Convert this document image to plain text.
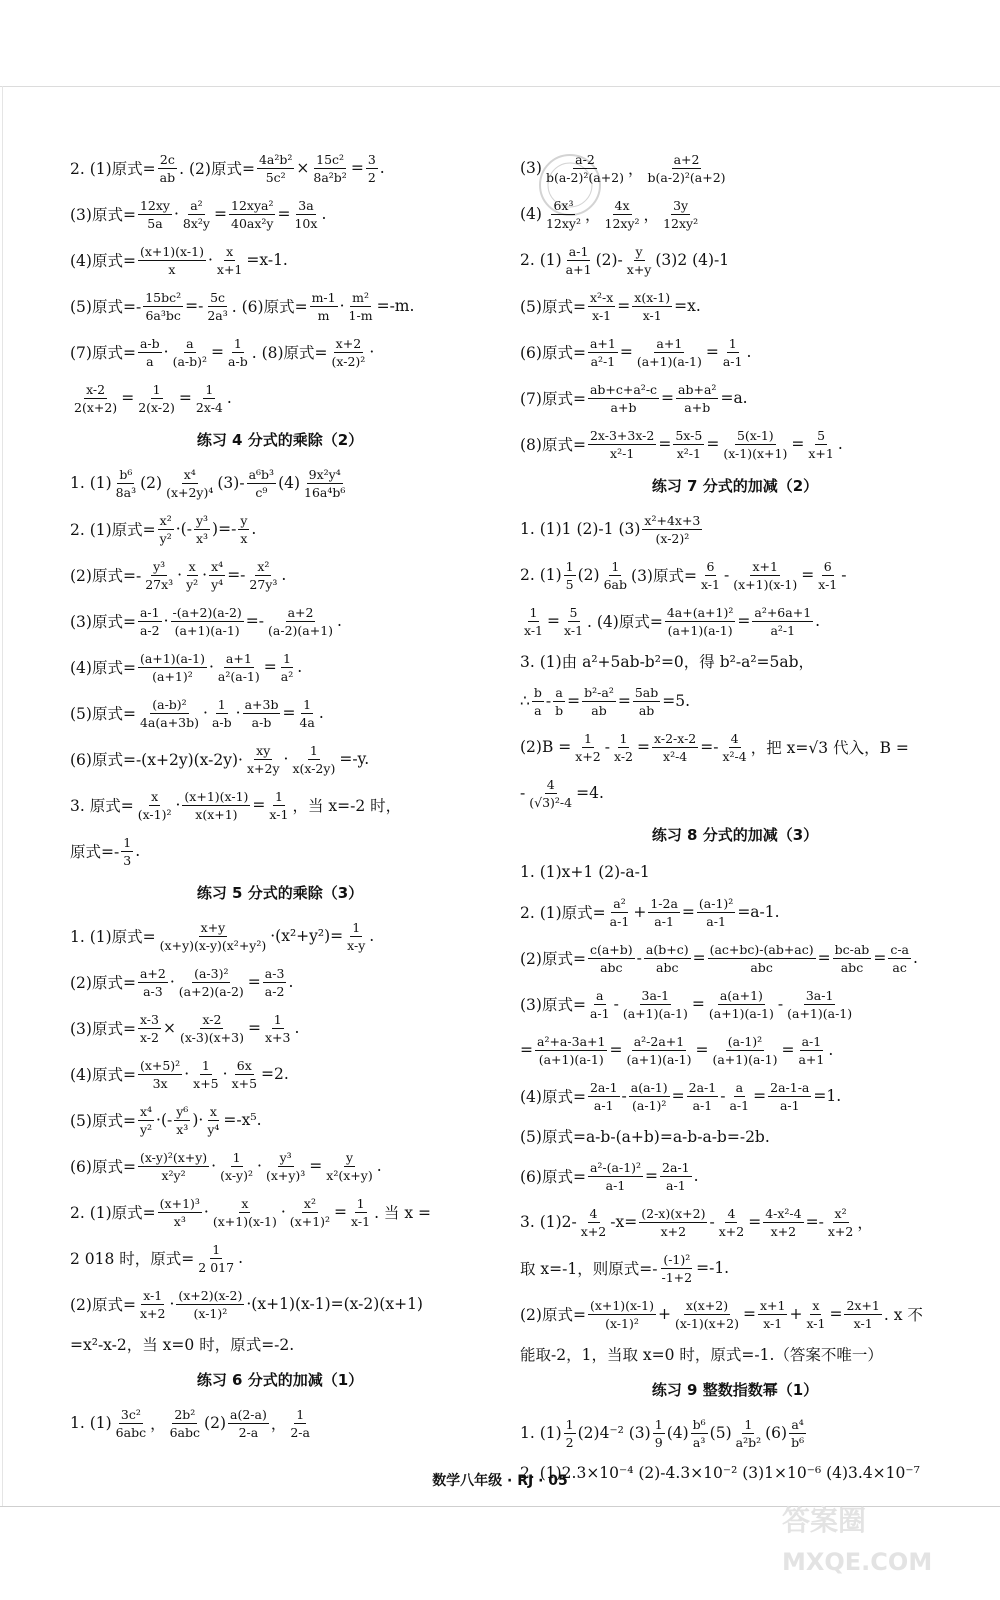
2. (1)原式= $\frac{2c}{ab}$ . (2)原式= $\frac{\text{4a²b²}}{\text{5c²}} \times \frac{\text{15c²}}{\text{8a²b²}} = \frac{3}{2}$ .
(3)原式= $\frac{12xy}{5a} \cdot \frac{\text{a²}}{\text{8x²y}} = \frac{\text{12xya²}}{\text{40ax²y}} = \frac{3a}{10x}$ .
(4)原式= $\frac{(x+1)(x-1)}{x} \cdot \frac{x}{x+1} =x-1$.
(5)原式=- $\frac{\text{15bc²}}{\text{6a³bc}} =- \frac{5c}{\text{2a³}}$ . (6)原式= $\frac{m-1}{m} \cdot \frac{\text{m²}}{1-m} =-m$.
(7)原式= $\frac{a-b}{a} \cdot \frac{a}{\text{(a-b)²}} = \frac{1}{a-b}$ . (8)原式= $\frac{x+2}{\text{(x-2)²}}$ ·
$\frac{x-2}{2(x+2)} = \frac{1}{2(x-2)} = \frac{1}{2x-4}$ .
练习 4 分式的乘除（2）
1. $(1) \frac{\text{b⁶}}{\text{8a³}} (2) \frac{\text{x⁴}}{\text{(x+2y)⁴}} (3)- \frac{\text{a⁶b³}}{\text{c⁹}} (4) \frac{\text{9x²y⁴}}{\text{16a⁴b⁶}}$
2. (1)原式= $\frac{\text{x²}}{\text{y²}}$ ·(- $\frac{\text{y³}}{\text{x³}}$ )=- $\frac{y}{x}$ .
(2)原式=- $\frac{\text{y³}}{\text{27x³}} \cdot \frac{x}{\text{y²}} \cdot \frac{\text{x⁴}}{\text{y⁴}} =- \frac{\text{x²}}{\text{27y³}}$ .
(3)原式= $\frac{a-1}{a-2} \cdot \frac{-(a+2)(a-2)}{(a+1)(a-1)} =- \frac{a+2}{(a-2)(a+1)}$ .
(4)原式= $\frac{(a+1)(a-1)}{\text{(a+1)²}} \cdot \frac{a+1}{\text{a²(a-1)}} = \frac{1}{\text{a²}}$ .
(5)原式= $\frac{\text{(a-b)²}}{4a(a+3b)} \cdot \frac{1}{a-b} \cdot \frac{a+3b}{a-b} = \frac{1}{4a}$ .
(6)原式$=-(x+2y)(x-2y)\cdot \frac{xy}{x+2y} \cdot \frac{1}{x(x-2y)} =-y$.
3. 原式= $\frac{x}{\text{(x-1)²}} \cdot \frac{(x+1)(x-1)}{x(x+1)} = \frac{1}{x-1}$ ，当 x=-2 时，
原式=- $\frac{1}{3}$ .
练习 5 分式的乘除（3）
1. (1)原式= $\frac{x+y}{\text{(x+y)(x-y)(x²+y²)}} \cdot(x^2+y^2)= \frac{1}{x-y}$ .
(2)原式= $\frac{a+2}{a-3} \cdot \frac{\text{(a-3)²}}{(a+2)(a-2)} = \frac{a-3}{a-2}$ .
(3)原式= $\frac{x-3}{x-2} \times \frac{x-2}{(x-3)(x+3)} = \frac{1}{x+3}$ .
(4)原式= $\frac{\text{(x+5)²}}{3x} \cdot \frac{1}{x+5} \cdot \frac{6x}{x+5} =2$.
(5)原式= $\frac{\text{x⁴}}{\text{y²}}$ ·(- $\frac{\text{y⁶}}{\text{x³}}$ )· $\frac{x}{\text{y⁴}} =-x^5$.
(6)原式= $\frac{\text{(x-y)²(x+y)}}{\text{x²y²}} \cdot \frac{1}{\text{(x-y)²}} \cdot \frac{\text{y³}}{\text{(x+y)³}} = \frac{y}{\text{x²(x+y)}}$ .
2. (1)原式= $\frac{\text{(x+1)³}}{\text{x³}} \cdot \frac{x}{(x+1)(x-1)} \cdot \frac{\text{x²}}{\text{(x+1)²}} = \frac{1}{x-1}$ . 当 x =
2 018 时，原式= $\frac{1}{2 017}$ .
(2)原式= $\frac{x-1}{x+2} \cdot \frac{(x+2)(x-2)}{\text{(x-1)²}} \cdot(x+1)(x-1)=(x-2)(x+1)$
=x²-x-2，当 x=0 时，原式=-2.
练习 6 分式的加减（1）
1. $(1) \frac{\text{3c²}}{\text{6abc}}$ ， $\frac{\text{2b²}}{\text{6abc}} (2) \frac{a(2-a)}{2-a}$ ， $\frac{1}{2-a}$
$(3) \frac{a-2}{\text{b(a-2)²(a+2)}}$ ， $\frac{a+2}{\text{b(a-2)²(a+2)}}$
$(4) \frac{\text{6x³}}{\text{12xy²}}$ ， $\frac{4x}{\text{12xy²}}$ ， $\frac{3y}{\text{12xy²}}$
2. $(1) \frac{a-1}{a+1} (2)- \frac{y}{x+y} (3)2$ (4)-1
(5)原式= $\frac{\text{x²-x}}{x-1} = \frac{x(x-1)}{x-1} =x$.
(6)原式= $\frac{a+1}{\text{a²-1}} = \frac{a+1}{(a+1)(a-1)} = \frac{1}{a-1}$ .
(7)原式= $\frac{\text{ab+c+a²-c}}{a+b} = \frac{\text{ab+a²}}{a+b} =a$.
(8)原式= $\frac{2x-3+3x-2}{\text{x²-1}} = \frac{5x-5}{\text{x²-1}} = \frac{5(x-1)}{(x-1)(x+1)} = \frac{5}{x+1}$ .
练习 7 分式的加减（2）
1. (1)1 (2)-1 $(3) \frac{\text{x²+4x+3}}{\text{(x-2)²}}$
2. $(1) \frac{1}{5} (2) \frac{1}{6ab} (3)$原式= $\frac{6}{x-1} - \frac{x+1}{(x+1)(x-1)} = \frac{6}{x-1}$ -
$\frac{1}{x-1} = \frac{5}{x-1}$ . (4)原式= $\frac{\text{4a+(a+1)²}}{(a+1)(a-1)} = \frac{\text{a²+6a+1}}{\text{a²-1}}$ .
3. (1)由 a²+5ab-b²=0，得 b²-a²=5ab，
∴ $\frac{b}{a} - \frac{a}{b} = \frac{\text{b²-a²}}{ab} = \frac{5ab}{ab} =5$.
$(2)B = \frac{1}{x+2} - \frac{1}{x-2} = \frac{x-2-x-2}{\text{x²-4}} =- \frac{4}{\text{x²-4}}$ ，把 x=√3 代入，B =
- $\frac{4}{\text{(√3)²-4}} =4$.
练习 8 分式的加减（3）
1. (1)x+1 (2)-a-1
2. (1)原式= $\frac{\text{a²}}{a-1} + \frac{1-2a}{a-1} = \frac{\text{(a-1)²}}{a-1} =a-1$.
(2)原式= $\frac{c(a+b)}{\text{abc}} - \frac{a(b+c)}{\text{abc}} = \frac{(ac+bc)-(ab+ac)}{\text{abc}} = \frac{bc-ab}{\text{abc}} = \frac{c-a}{ac}$ .
(3)原式= $\frac{a}{a-1} - \frac{3a-1}{(a+1)(a-1)} = \frac{a(a+1)}{(a+1)(a-1)} - \frac{3a-1}{(a+1)(a-1)}$
= $\frac{\text{a²+a-3a+1}}{(a+1)(a-1)} = \frac{\text{a²-2a+1}}{(a+1)(a-1)} = \frac{\text{(a-1)²}}{(a+1)(a-1)} = \frac{a-1}{a+1}$ .
(4)原式= $\frac{2a-1}{a-1} - \frac{a(a-1)}{\text{(a-1)²}} = \frac{2a-1}{a-1} - \frac{a}{a-1} = \frac{2a-1-a}{a-1} =1$.
(5)原式=a-b-(a+b)=a-b-a-b=-2b.
(6)原式= $\frac{\text{a²-(a-1)²}}{a-1} = \frac{2a-1}{a-1}$ .
3. $(1)2- \frac{4}{x+2} -x= \frac{(2-x)(x+2)}{x+2} - \frac{4}{x+2} = \frac{\text{4-x²-4}}{x+2} =- \frac{\text{x²}}{x+2}$ ，
取 x=-1，则原式=- $\frac{\text{(-1)²}}{-1+2} =-1$.
(2)原式= $\frac{(x+1)(x-1)}{\text{(x-1)²}} + \frac{x(x+2)}{(x-1)(x+2)} = \frac{x+1}{x-1} + \frac{x}{x-1} = \frac{2x+1}{x-1}$ . x 不
能取-2，1，当取 x=0 时，原式=-1.（答案不唯一）
练习 9 整数指数幂（1）
1. $(1) \frac{1}{2} (2)4^{-2}$ $(3) \frac{1}{9} (4) \frac{\text{b⁶}}{\text{a³}} (5) \frac{1}{\text{a²b²}} (6) \frac{\text{a⁴}}{\text{b⁶}}$
2. (1)2.3×10⁻⁴ (2)-4.3×10⁻² (3)1×10⁻⁶ (4)3.4×10⁻⁷
数学八年级 · RJ · 05
答案圈
MXQE.COM
